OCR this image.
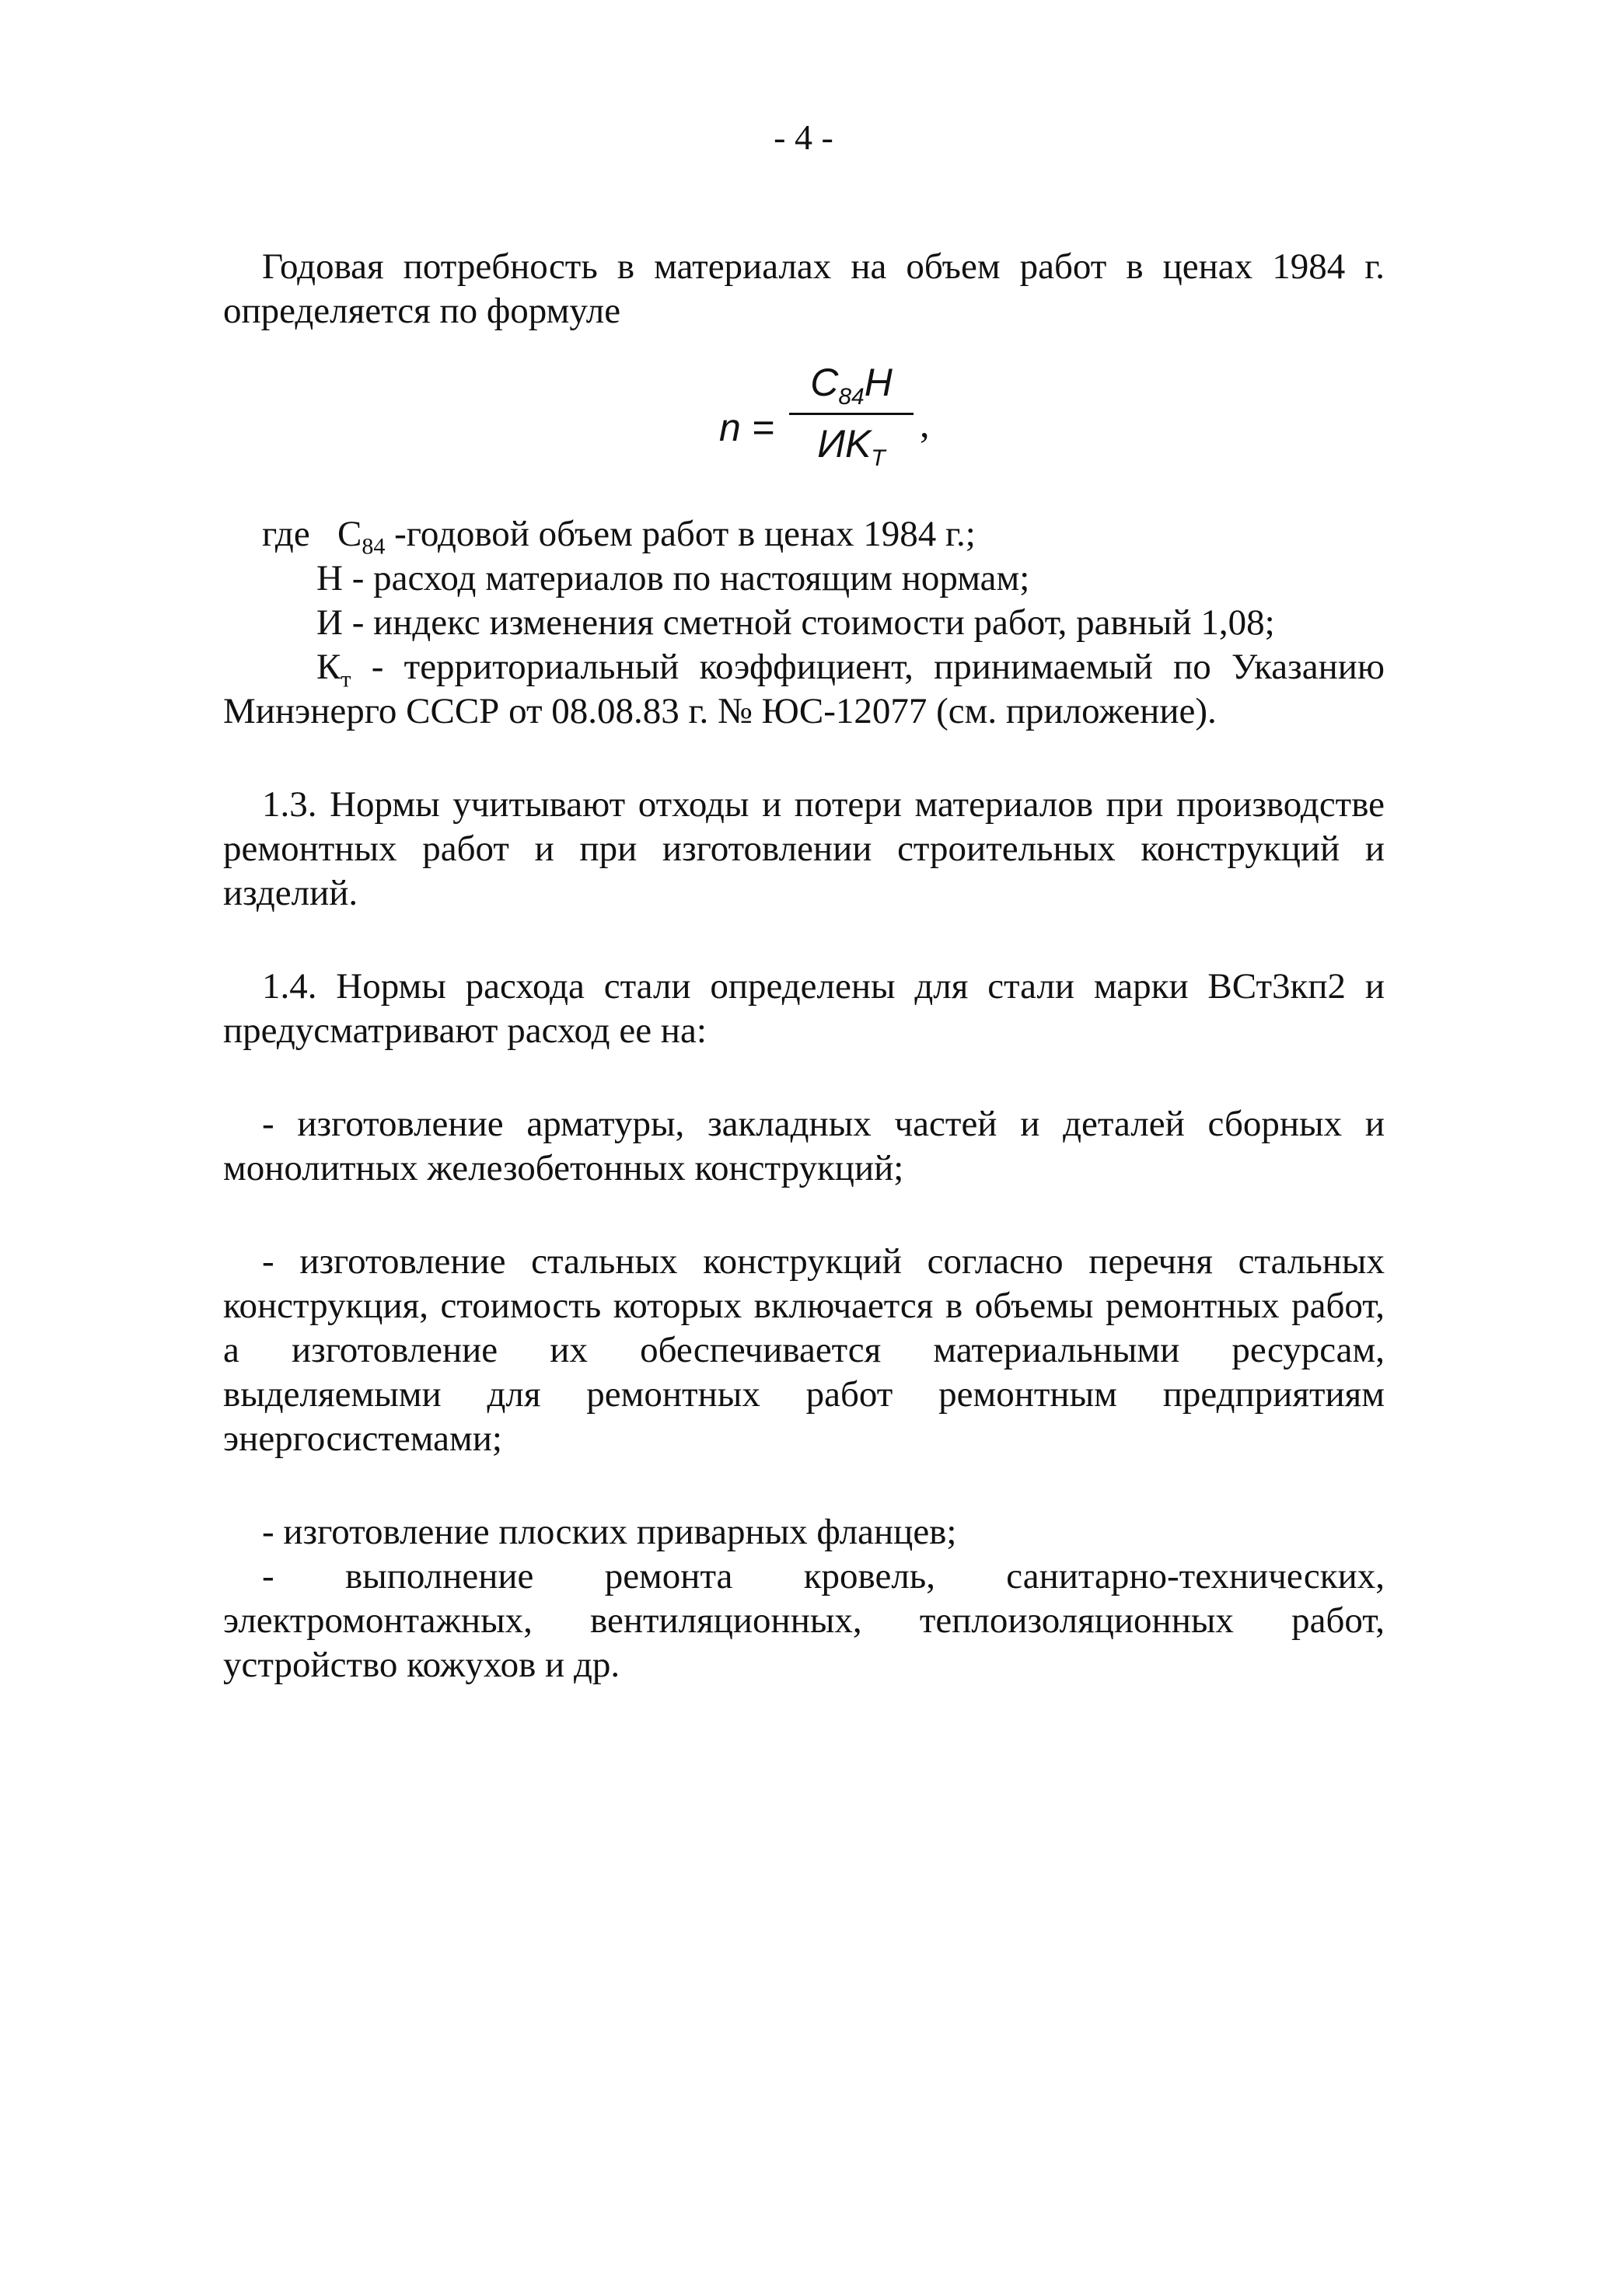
- 4 -

Годовая потребность в материалах на объем работ в ценах 1984 г. определяется по формуле

n =
$C_{84}H$
$ИK_T$
,
где $С_{84}$ -годовой объем работ в ценах 1984 г.;
Н - расход материалов по настоящим нормам;
И - индекс изменения сметной стоимости работ, равный 1,08;

$К_т$ - территориальный коэффициент, принимаемый по Указанию Минэнерго СССР от 08.08.83 г. № ЮС-12077 (см. приложение).

1.3. Нормы учитывают отходы и потери материалов при производстве ремонтных работ и при изготовлении строительных конструкций и изделий.

1.4. Нормы расхода стали определены для стали марки ВСт3кп2 и предусматривают расход ее на:

- изготовление арматуры, закладных частей и деталей сборных и монолитных железобетонных конструкций;

- изготовление стальных конструкций согласно перечня стальных конструкция, стоимость которых включается в объемы ремонтных работ, а изготовление их обеспечивается материальными ресурсам, выделяемыми для ремонтных работ ремонтным предприятиям энергосистемами;

- изготовление плоских приварных фланцев;

- выполнение ремонта кровель, санитарно-технических, электромонтажных, вентиляционных, теплоизоляционных работ, устройство кожухов и др.
